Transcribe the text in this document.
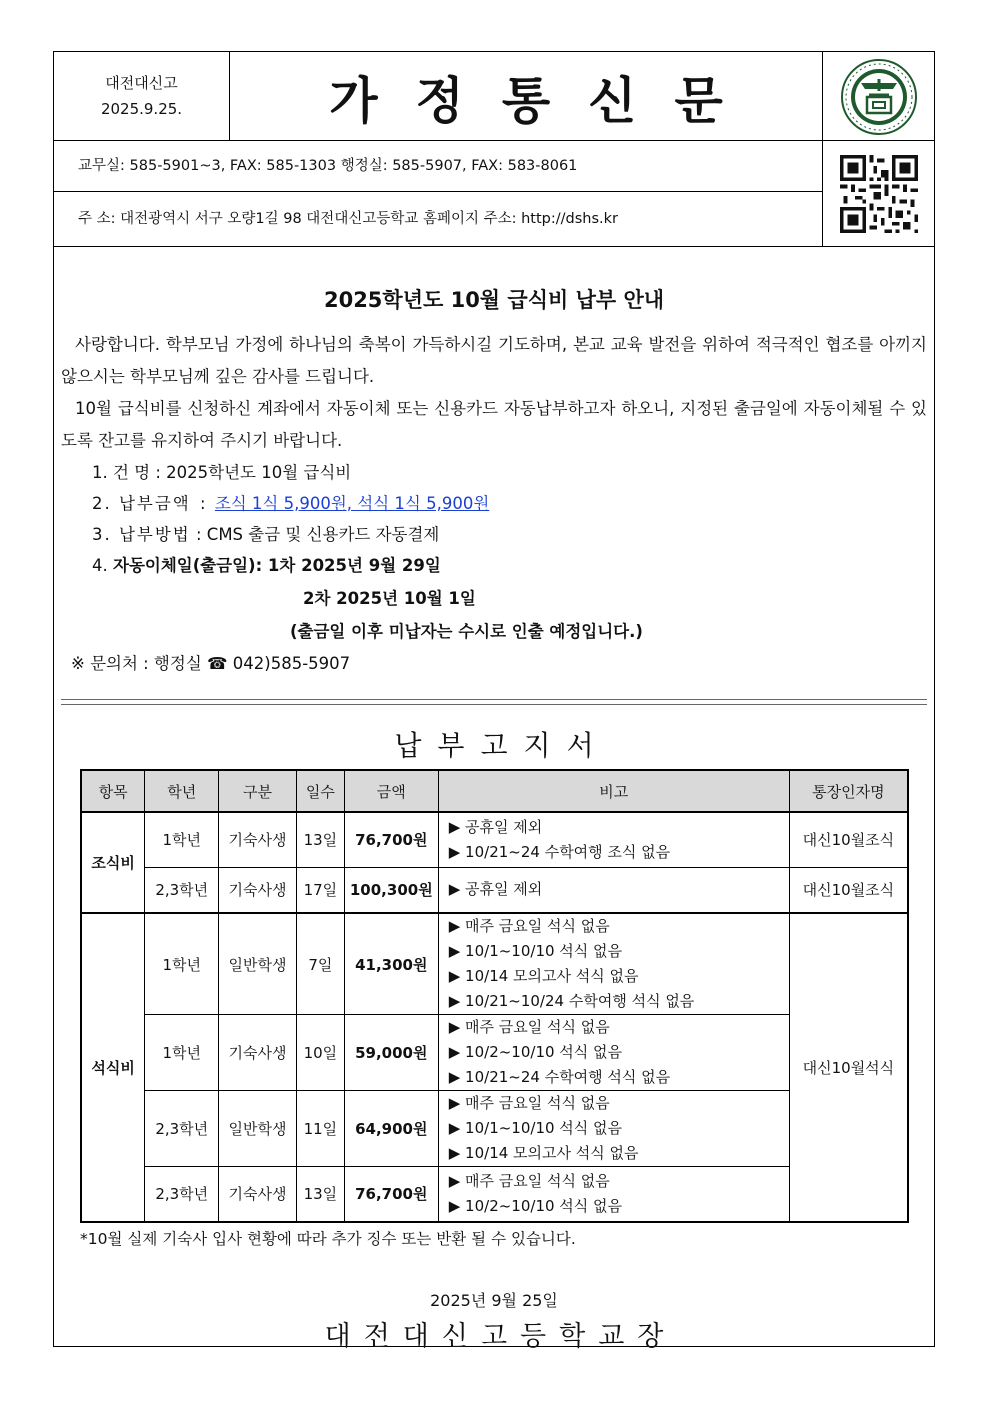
대전대신고
2025.9.25.	가정통신문
교무실: 585-5901~3, FAX: 585-1303 행정실: 585-5907, FAX: 583-8061
주 소: 대전광역시 서구 오량1길 98 대전대신고등학교 홈페이지 주소: http://dshs.kr
2025학년도 10월 급식비 납부 안내
사랑합니다. 학부모님 가정에 하나님의 축복이 가득하시길 기도하며, 본교 교육 발전을 위하여 적극적인 협조를 아끼지 않으시는 학부모님께 깊은 감사를 드립니다.
10월 급식비를 신청하신 계좌에서 자동이체 또는 신용카드 자동납부하고자 하오니, 지정된 출금일에 자동이체될 수 있도록 잔고를 유지하여 주시기 바랍니다.
1. 건 명 : 2025학년도 10월 급식비
2. 납부금액 : 조식 1식 5,900원, 석식 1식 5,900원
3. 납부방법 : CMS 출금 및 신용카드 자동결제
4. 자동이체일(출금일): 1차 2025년 9월 29일
2차 2025년 10월 1일
(출금일 이후 미납자는 수시로 인출 예정입니다.)
※ 문의처 : 행정실 ☎ 042)585-5907
납부고지서
항목	학년	구분	일수	금액	비고	통장인자명
조식비	1학년	기숙사생	13일	76,700원	▶ 공휴일 제외
▶ 10/21~24 수학여행 조식 없음	대신10월조식
	2,3학년	기숙사생	17일	100,300원	▶ 공휴일 제외	대신10월조식
석식비	1학년	일반학생	7일	41,300원	▶ 매주 금요일 석식 없음
▶ 10/1~10/10 석식 없음
▶ 10/14 모의고사 석식 없음
▶ 10/21~10/24 수학여행 석식 없음	대신10월석식
	1학년	기숙사생	10일	59,000원	▶ 매주 금요일 석식 없음
▶ 10/2~10/10 석식 없음
▶ 10/21~24 수학여행 석식 없음	

	2,3학년	일반학생	11일	64,900원	▶ 매주 금요일 석식 없음
▶ 10/1~10/10 석식 없음
▶ 10/14 모의고사 석식 없음	

	2,3학년	기숙사생	13일	76,700원	▶ 매주 금요일 석식 없음
▶ 10/2~10/10 석식 없음	
*10월 실제 기숙사 입사 현황에 따라 추가 징수 또는 반환 될 수 있습니다.
2025년 9월 25일
대전대신고등학교장
